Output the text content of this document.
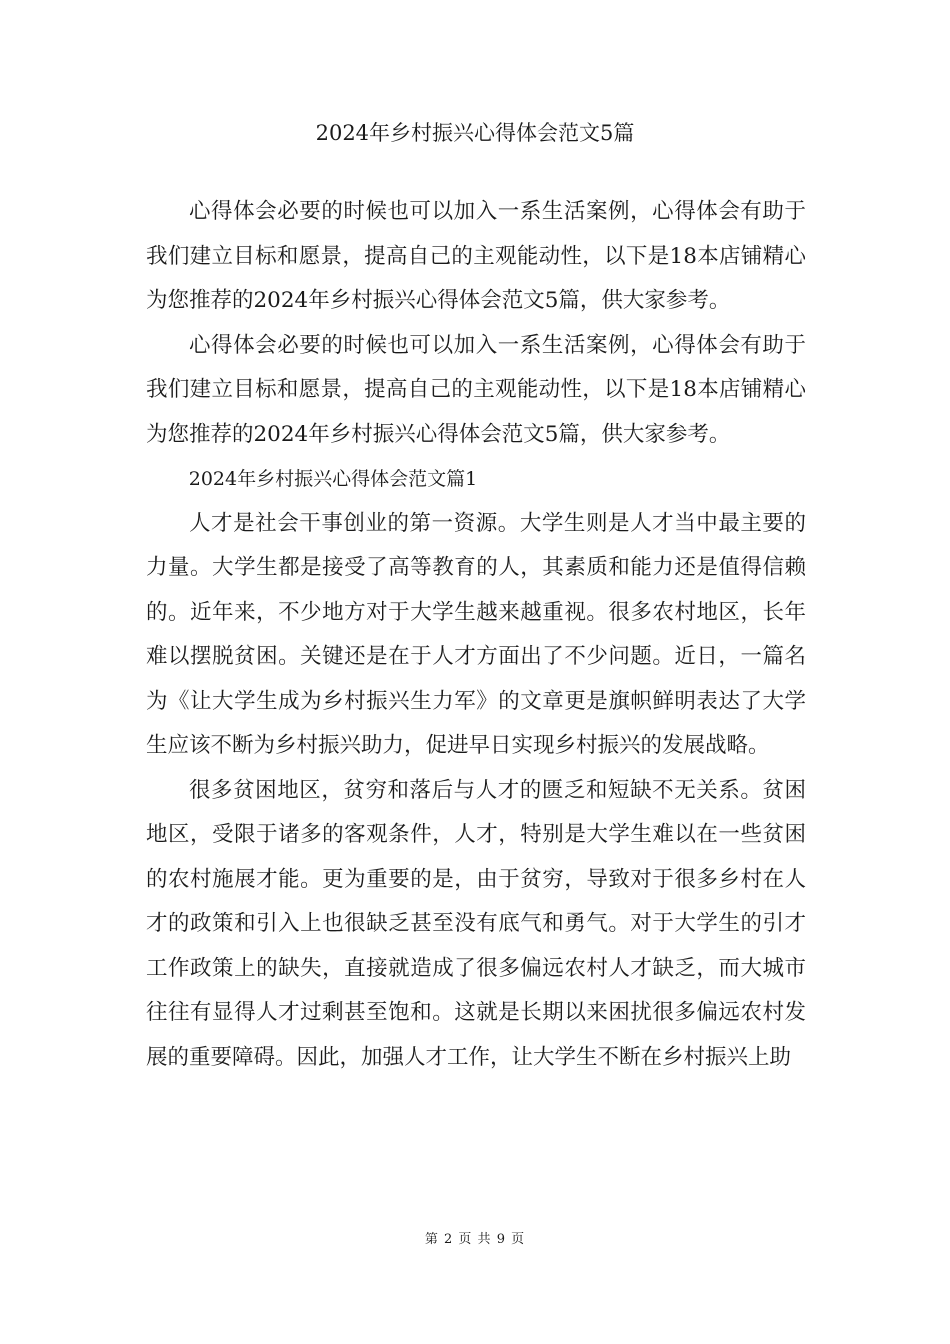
2024年乡村振兴心得体会范文5篇

心得体会必要的时候也可以加入一系生活案例，心得体会有助于我们建立目标和愿景，提高自己的主观能动性，以下是18本店铺精心为您推荐的2024年乡村振兴心得体会范文5篇，供大家参考。

心得体会必要的时候也可以加入一系生活案例，心得体会有助于我们建立目标和愿景，提高自己的主观能动性，以下是18本店铺精心为您推荐的2024年乡村振兴心得体会范文5篇，供大家参考。

2024年乡村振兴心得体会范文篇1

人才是社会干事创业的第一资源。大学生则是人才当中最主要的力量。大学生都是接受了高等教育的人，其素质和能力还是值得信赖的。近年来，不少地方对于大学生越来越重视。很多农村地区，长年难以摆脱贫困。关键还是在于人才方面出了不少问题。近日，一篇名为《让大学生成为乡村振兴生力军》的文章更是旗帜鲜明表达了大学生应该不断为乡村振兴助力，促进早日实现乡村振兴的发展战略。

很多贫困地区，贫穷和落后与人才的匮乏和短缺不无关系。贫困地区，受限于诸多的客观条件，人才，特别是大学生难以在一些贫困的农村施展才能。更为重要的是，由于贫穷，导致对于很多乡村在人才的政策和引入上也很缺乏甚至没有底气和勇气。对于大学生的引才工作政策上的缺失，直接就造成了很多偏远农村人才缺乏，而大城市往往有显得人才过剩甚至饱和。这就是长期以来困扰很多偏远农村发展的重要障碍。因此，加强人才工作，让大学生不断在乡村振兴上助

第 2 页 共 9 页
